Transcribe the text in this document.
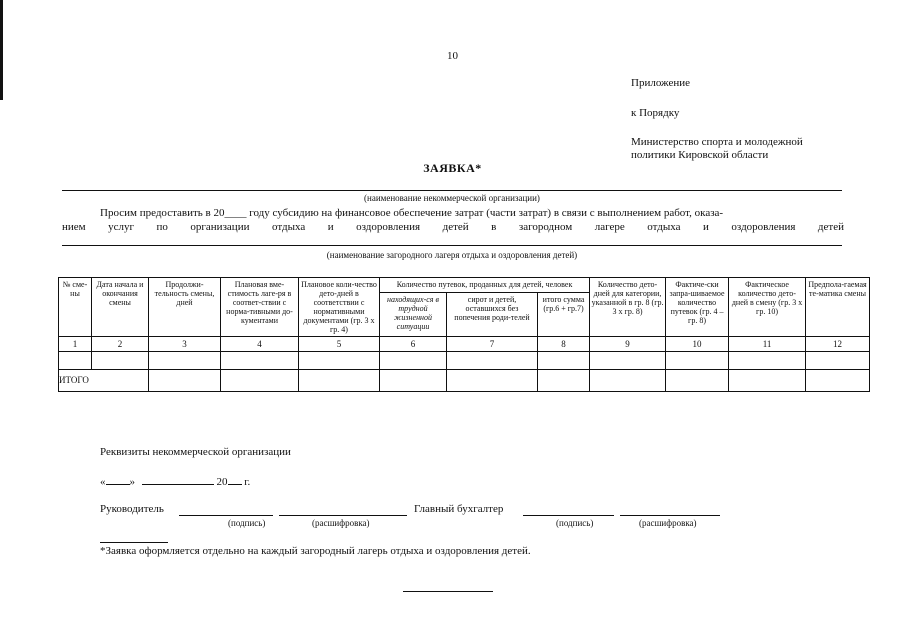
10
Приложение
к Порядку
Министерство спорта и молодежной
политики Кировской области
ЗАЯВКА*
(наименование некоммерческой организации)
Просим предоставить в 20____ году субсидию на финансовое обеспечение затрат (части затрат) в связи с выполнением работ, оказа-
нием услуг по организации отдыха и оздоровления детей в загородном лагере отдыха и оздоровления детей
(наименование загородного лагеря отдыха и оздоровления детей)
№ сме-ны	Дата начала и окончания смены	Продолжи-тельность смены, дней	Плановая вме-стимость лаге-ря в соответ-ствии с норма-тивными до-кументами	Плановое коли-чество дето-дней в соответствии с нормативными документами (гр. 3 х гр. 4)	Количество путевок, проданных для детей, человек			Количество дето-дней для категории, указанной в гр. 8 (гр. 3 х гр. 8)	Фактиче-ски запра-шиваемое количество путевок (гр. 4 – гр. 8)	Фактическое количество дето-дней в смену (гр. 3 х гр. 10)	Предпола-гаемая те-матика смены
					находящих-ся в трудной жизненной ситуации	сирот и детей, оставшихся без попечения роди-телей	итого сумма (гр.6 + гр.7)				
1	2	3	4	5	6	7	8	9	10	11	12

ИТОГО											
Реквизиты некоммерческой организации
« »	20 г.
Руководитель
(подпись)	(расшифровка)
Главный бухгалтер
(подпись)	(расшифровка)
*Заявка оформляется отдельно на каждый загородный лагерь отдыха и оздоровления детей.
